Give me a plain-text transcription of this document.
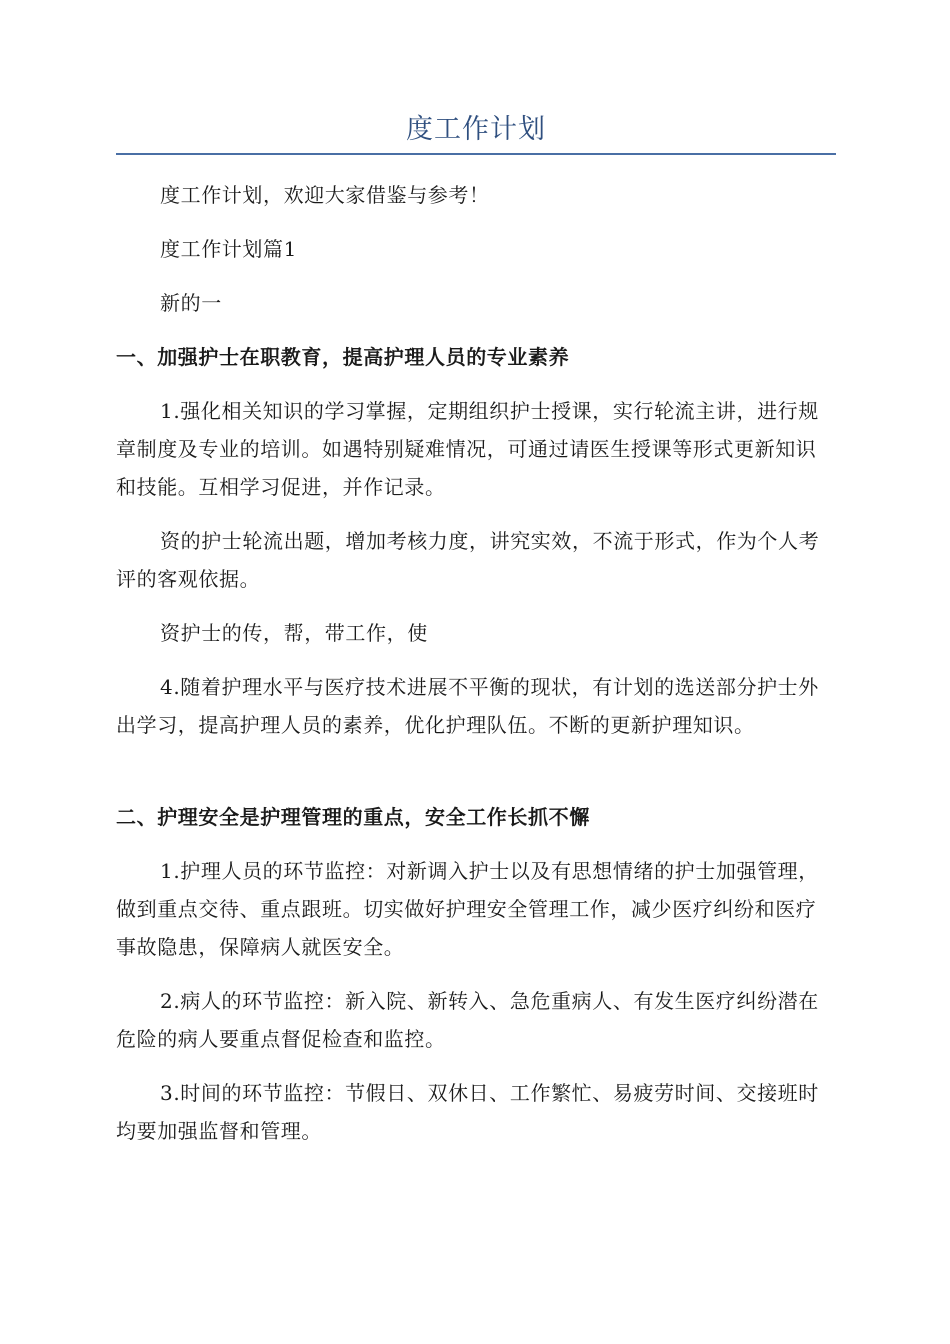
度工作计划

度工作计划，欢迎大家借鉴与参考！

度工作计划篇1

新的一

一、加强护士在职教育，提高护理人员的专业素养

1.强化相关知识的学习掌握，定期组织护士授课，实行轮流主讲，进行规章制度及专业的培训。如遇特别疑难情况，可通过请医生授课等形式更新知识和技能。互相学习促进，并作记录。

资的护士轮流出题，增加考核力度，讲究实效，不流于形式，作为个人考评的客观依据。

资护士的传，帮，带工作，使

4.随着护理水平与医疗技术进展不平衡的现状，有计划的选送部分护士外出学习，提高护理人员的素养，优化护理队伍。不断的更新护理知识。

二、护理安全是护理管理的重点，安全工作长抓不懈

1.护理人员的环节监控：对新调入护士以及有思想情绪的护士加强管理，做到重点交待、重点跟班。切实做好护理安全管理工作，减少医疗纠纷和医疗事故隐患，保障病人就医安全。

2.病人的环节监控：新入院、新转入、急危重病人、有发生医疗纠纷潜在危险的病人要重点督促检查和监控。

3.时间的环节监控：节假日、双休日、工作繁忙、易疲劳时间、交接班时均要加强监督和管理。
